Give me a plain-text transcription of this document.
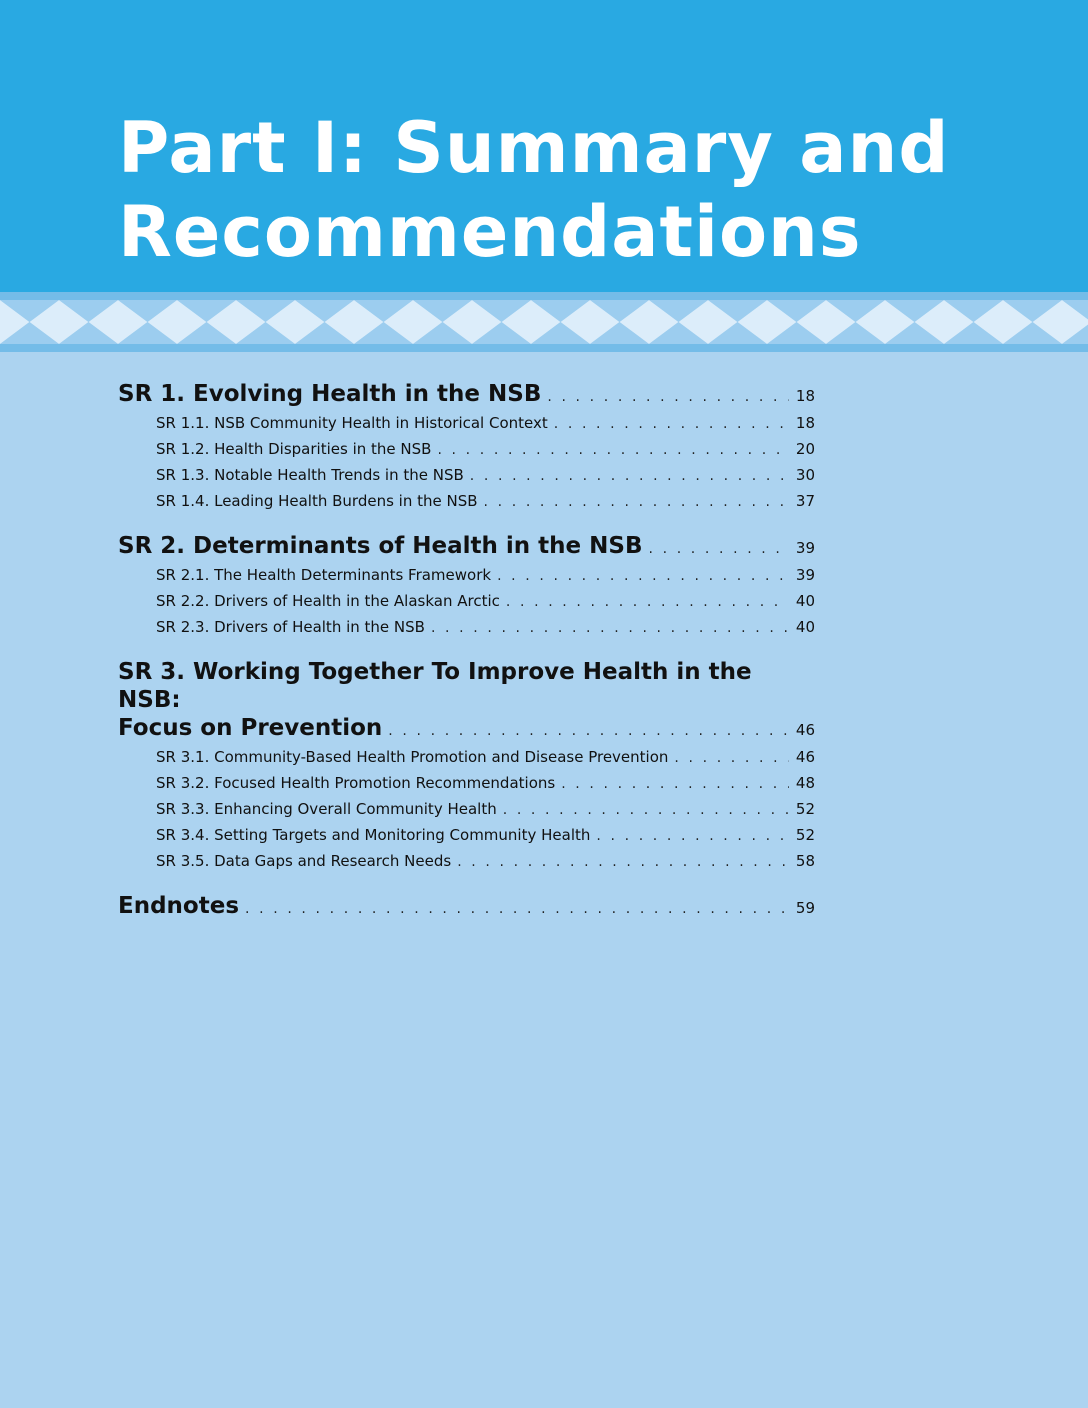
Part I: Summary and
Recommendations
SR 1. Evolving Health in the NSB . . .	18
SR 1.1. NSB Community Health in Historical Context . . .	18
SR 1.2. Health Disparities in the NSB . . .	20
SR 1.3. Notable Health Trends in the NSB . . .	30
SR 1.4. Leading Health Burdens in the NSB . . .	37
SR 2. Determinants of Health in the NSB . . .	39
SR 2.1. The Health Determinants Framework . . .	39
SR 2.2. Drivers of Health in the Alaskan Arctic . . .	40
SR 2.3. Drivers of Health in the NSB . . .	40
SR 3. Working Together To Improve Health in the NSB:
Focus on Prevention . . .	46
SR 3.1. Community-Based Health Promotion and Disease Prevention . . .	46
SR 3.2. Focused Health Promotion Recommendations . . .	48
SR 3.3. Enhancing Overall Community Health . . .	52
SR 3.4. Setting Targets and Monitoring Community Health . . .	52
SR 3.5. Data Gaps and Research Needs . . .	58
Endnotes . . .	59
